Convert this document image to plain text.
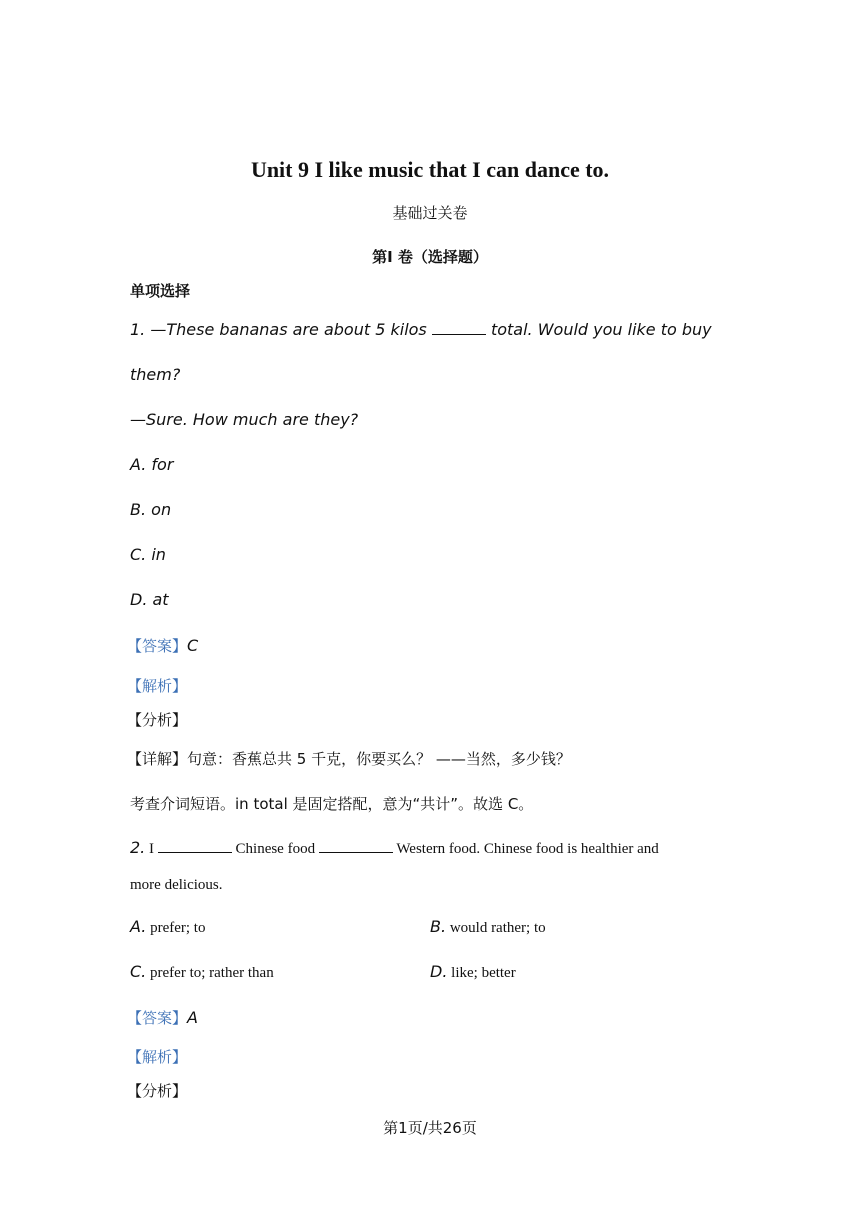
Unit 9 I like music that I can dance to.
基础过关卷
第I 卷（选择题）
单项选择
1. —These bananas are about 5 kilos	total. Would you like to buy
them?
—Sure. How much are they?
A. for
B. on
C. in
D. at
【答案】C
【解析】
【分析】
【详解】句意：香蕉总共 5 千克，你要买么？ ——当然，多少钱？
考查介词短语。in total 是固定搭配，意为“共计”。故选 C。
2. I	Chinese food	Western food. Chinese food is healthier and
more delicious.
A. prefer; to	B. would rather; to
C. prefer to; rather than	D. like; better
【答案】A
【解析】
【分析】
第1页/共26页
